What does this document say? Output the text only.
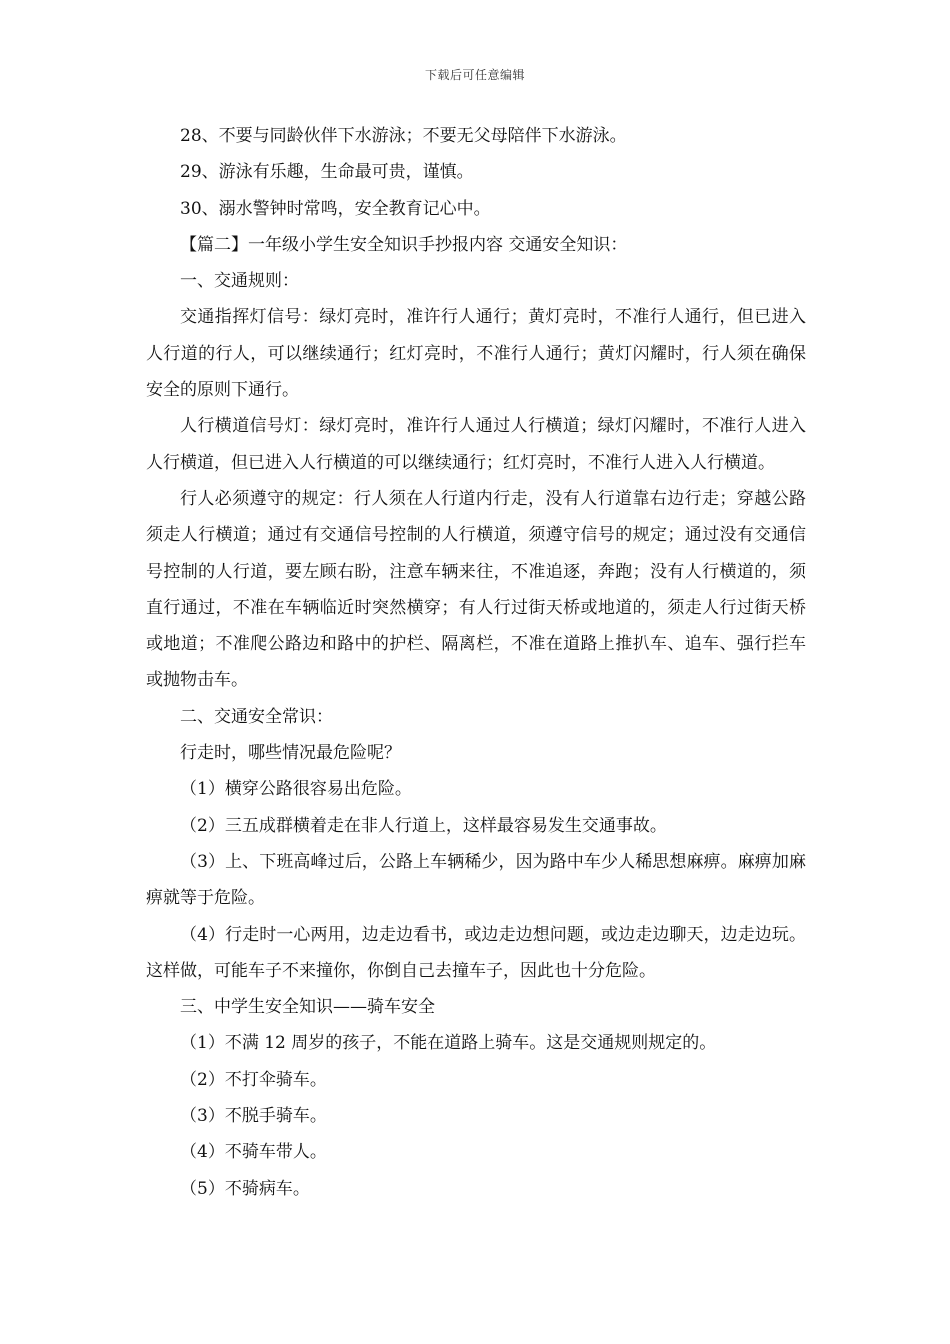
下载后可任意编辑

28、不要与同龄伙伴下水游泳；不要无父母陪伴下水游泳。

29、游泳有乐趣，生命最可贵，谨慎。

30、溺水警钟时常鸣，安全教育记心中。

【篇二】一年级小学生安全知识手抄报内容 交通安全知识：

一、交通规则：

交通指挥灯信号：绿灯亮时，准许行人通行；黄灯亮时，不准行人通行，但已进入人行道的行人，可以继续通行；红灯亮时，不准行人通行；黄灯闪耀时，行人须在确保安全的原则下通行。

人行横道信号灯：绿灯亮时，准许行人通过人行横道；绿灯闪耀时，不准行人进入人行横道，但已进入人行横道的可以继续通行；红灯亮时，不准行人进入人行横道。

行人必须遵守的规定：行人须在人行道内行走，没有人行道靠右边行走；穿越公路须走人行横道；通过有交通信号控制的人行横道，须遵守信号的规定；通过没有交通信号控制的人行道，要左顾右盼，注意车辆来往，不准追逐，奔跑；没有人行横道的，须直行通过，不准在车辆临近时突然横穿；有人行过街天桥或地道的，须走人行过街天桥或地道；不准爬公路边和路中的护栏、隔离栏，不准在道路上推扒车、追车、强行拦车或抛物击车。

二、交通安全常识：

行走时，哪些情况最危险呢？

（1）横穿公路很容易出危险。

（2）三五成群横着走在非人行道上，这样最容易发生交通事故。

（3）上、下班高峰过后，公路上车辆稀少，因为路中车少人稀思想麻痹。麻痹加麻痹就等于危险。

（4）行走时一心两用，边走边看书，或边走边想问题，或边走边聊天，边走边玩。这样做，可能车子不来撞你，你倒自己去撞车子，因此也十分危险。

三、中学生安全知识——骑车安全

（1）不满 12 周岁的孩子，不能在道路上骑车。这是交通规则规定的。

（2）不打伞骑车。

（3）不脱手骑车。

（4）不骑车带人。

（5）不骑病车。
